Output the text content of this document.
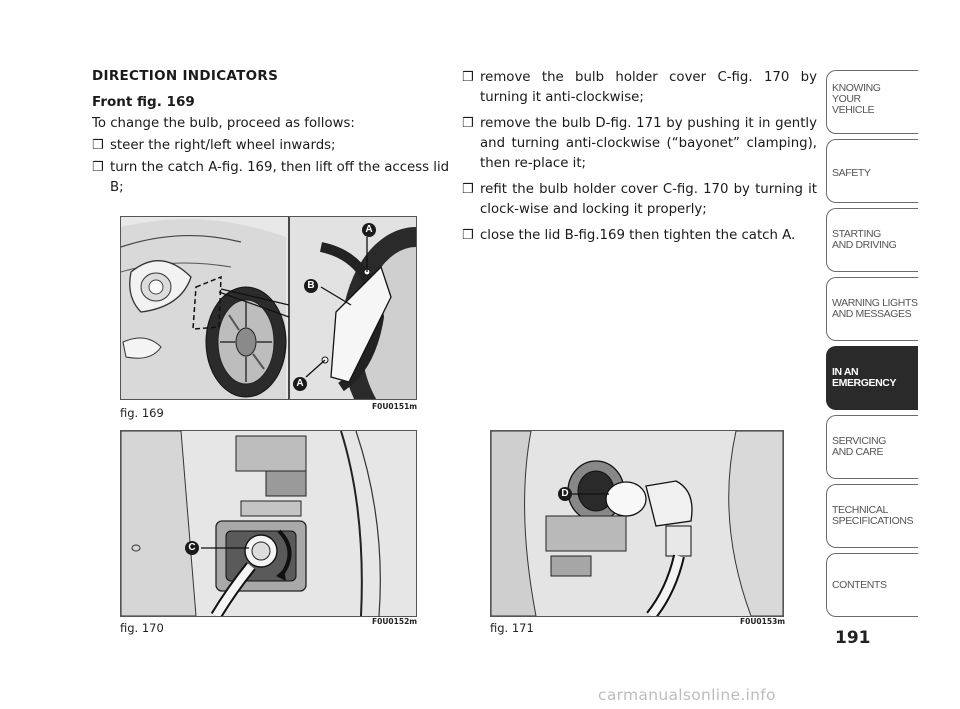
DIRECTION INDICATORS
Front fig. 169
To change the bulb, proceed as follows:
❒ steer the right/left wheel inwards;
❒ turn the catch A-fig. 169, then lift off the access lid B;
❒ remove the bulb holder cover C-fig. 170 by turning it anti-clockwise;
❒ remove the bulb D-fig. 171 by pushing it in gently and turning anti-clockwise (“bayonet” clamping), then re-place it;
❒ refit the bulb holder cover C-fig. 170 by turning it clock-wise and locking it properly;
❒ close the lid B-fig.169 then tighten the catch A.
A
B
A
fig. 169	F0U0151m
C
fig. 170	F0U0152m
D
fig. 171	F0U0153m
KNOWING
YOUR
VEHICLE
SAFETY
STARTING
AND DRIVING
WARNING LIGHTS
AND MESSAGES
IN AN
EMERGENCY
SERVICING
AND CARE
TECHNICAL
SPECIFICATIONS
CONTENTS
191
carmanualsonline.info
